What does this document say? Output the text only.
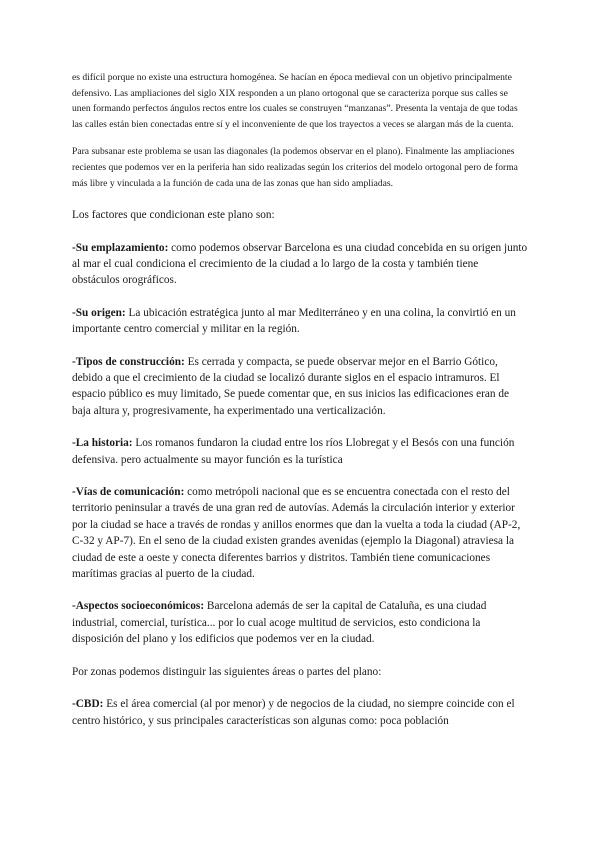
es difícil porque no existe una estructura homogénea. Se hacían en época medieval con un objetivo principalmente defensivo. Las ampliaciones del siglo XIX responden a un plano ortogonal que se caracteriza porque sus calles se unen formando perfectos ángulos rectos entre los cuales se construyen “manzanas”. Presenta la ventaja de que todas las calles están bien conectadas entre sí y el inconveniente de que los trayectos a veces se alargan más de la cuenta.

Para subsanar este problema se usan las diagonales (la podemos observar en el plano). Finalmente las ampliaciones recientes que podemos ver en la periferia han sido realizadas según los criterios del modelo ortogonal pero de forma más libre y vinculada a la función de cada una de las zonas que han sido ampliadas.

Los factores que condicionan este plano son:

-Su emplazamiento: como podemos observar Barcelona es una ciudad concebida en su origen junto al mar el cual condiciona el crecimiento de la ciudad a lo largo de la costa y también tiene obstáculos orográficos.

-Su origen: La ubicación estratégica junto al mar Mediterráneo y en una colina, la convirtió en un importante centro comercial y militar en la región.

-Tipos de construcción: Es cerrada y compacta, se puede observar mejor en el Barrio Gótico, debido a que el crecimiento de la ciudad se localizó durante siglos en el espacio intramuros. El espacio público es muy limitado, Se puede comentar que, en sus inicios las edificaciones eran de baja altura y, progresivamente, ha experimentado una verticalización.

-La historia: Los romanos fundaron la ciudad entre los ríos Llobregat y el Besós con una función defensiva. pero actualmente su mayor función es la turística

-Vías de comunicación: como metrópoli nacional que es se encuentra conectada con el resto del territorio peninsular a través de una gran red de autovías. Además la circulación interior y exterior por la ciudad se hace a través de rondas y anillos enormes que dan la vuelta a toda la ciudad (AP-2, C-32 y AP-7). En el seno de la ciudad existen grandes avenidas (ejemplo la Diagonal) atraviesa la ciudad de este a oeste y conecta diferentes barrios y distritos. También tiene comunicaciones marítimas gracias al puerto de la ciudad.

-Aspectos socioeconómicos: Barcelona además de ser la capital de Cataluña, es una ciudad industrial, comercial, turística... por lo cual acoge multitud de servicios, esto condiciona la disposición del plano y los edificios que podemos ver en la ciudad.

Por zonas podemos distinguir las siguientes áreas o partes del plano:

-CBD: Es el área comercial (al por menor) y de negocios de la ciudad, no siempre coincide con el centro histórico, y sus principales características son algunas como: poca población
